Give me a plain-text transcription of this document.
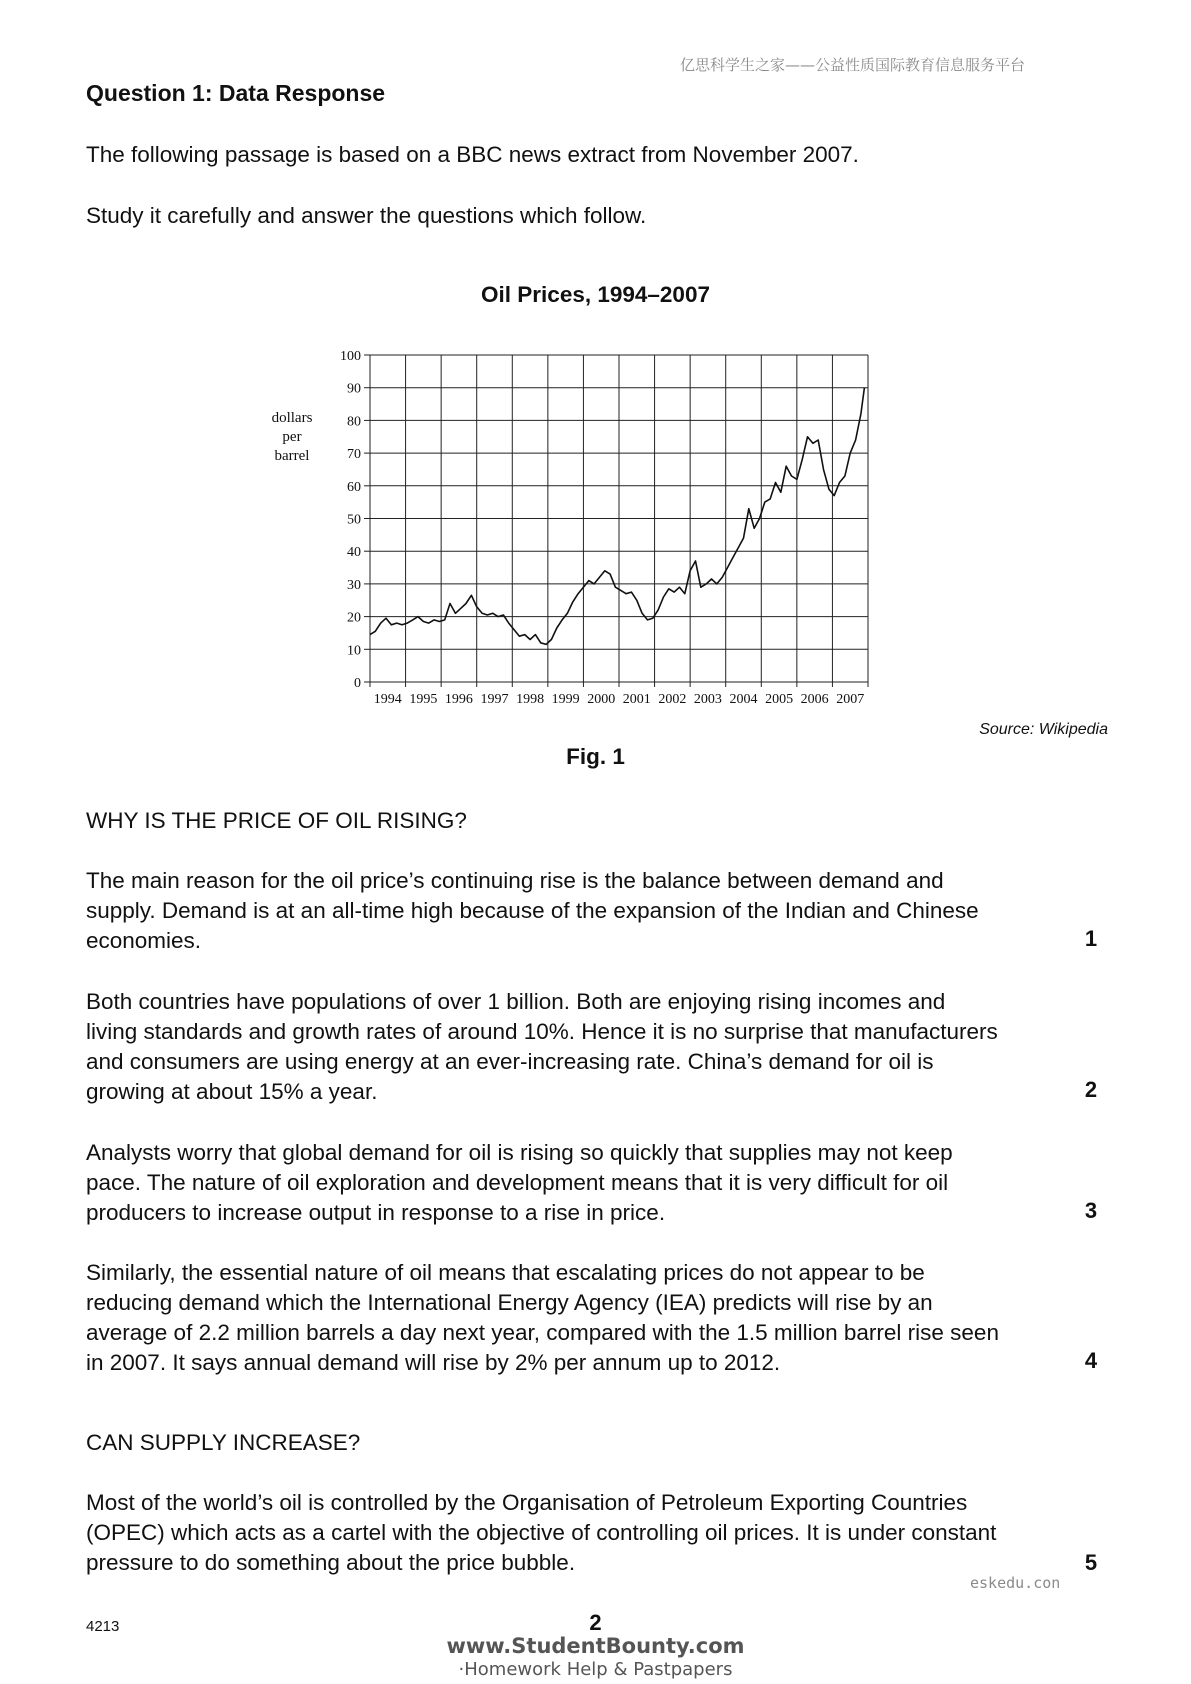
亿思科学生之家——公益性质国际教育信息服务平台
Question 1: Data Response
The following passage is based on a BBC news extract from November 2007.
Study it carefully and answer the questions which follow.
Oil Prices, 1994–2007
dollars
per
barrel
0
10
20
30
40
50
60
70
80
90
100
1994 1995 1996 1997 1998 1999 2000 2001 2002 2003 2004 2005 2006 2007
Source: Wikipedia
Fig. 1
WHY IS THE PRICE OF OIL RISING?
The main reason for the oil price’s continuing rise is the balance between demand and
supply. Demand is at an all-time high because of the expansion of the Indian and Chinese
economies.	1
Both countries have populations of over 1 billion. Both are enjoying rising incomes and
living standards and growth rates of around 10%. Hence it is no surprise that manufacturers
and consumers are using energy at an ever-increasing rate. China’s demand for oil is
growing at about 15% a year.	2
Analysts worry that global demand for oil is rising so quickly that supplies may not keep
pace. The nature of oil exploration and development means that it is very difficult for oil
producers to increase output in response to a rise in price.	3
Similarly, the essential nature of oil means that escalating prices do not appear to be
reducing demand which the International Energy Agency (IEA) predicts will rise by an
average of 2.2 million barrels a day next year, compared with the 1.5 million barrel rise seen
in 2007. It says annual demand will rise by 2% per annum up to 2012.	4
CAN SUPPLY INCREASE?
Most of the world’s oil is controlled by the Organisation of Petroleum Exporting Countries
(OPEC) which acts as a cartel with the objective of controlling oil prices. It is under constant
pressure to do something about the price bubble.	5
eskedu.con
4213	2
www.StudentBounty.com
·Homework Help & Pastpapers
